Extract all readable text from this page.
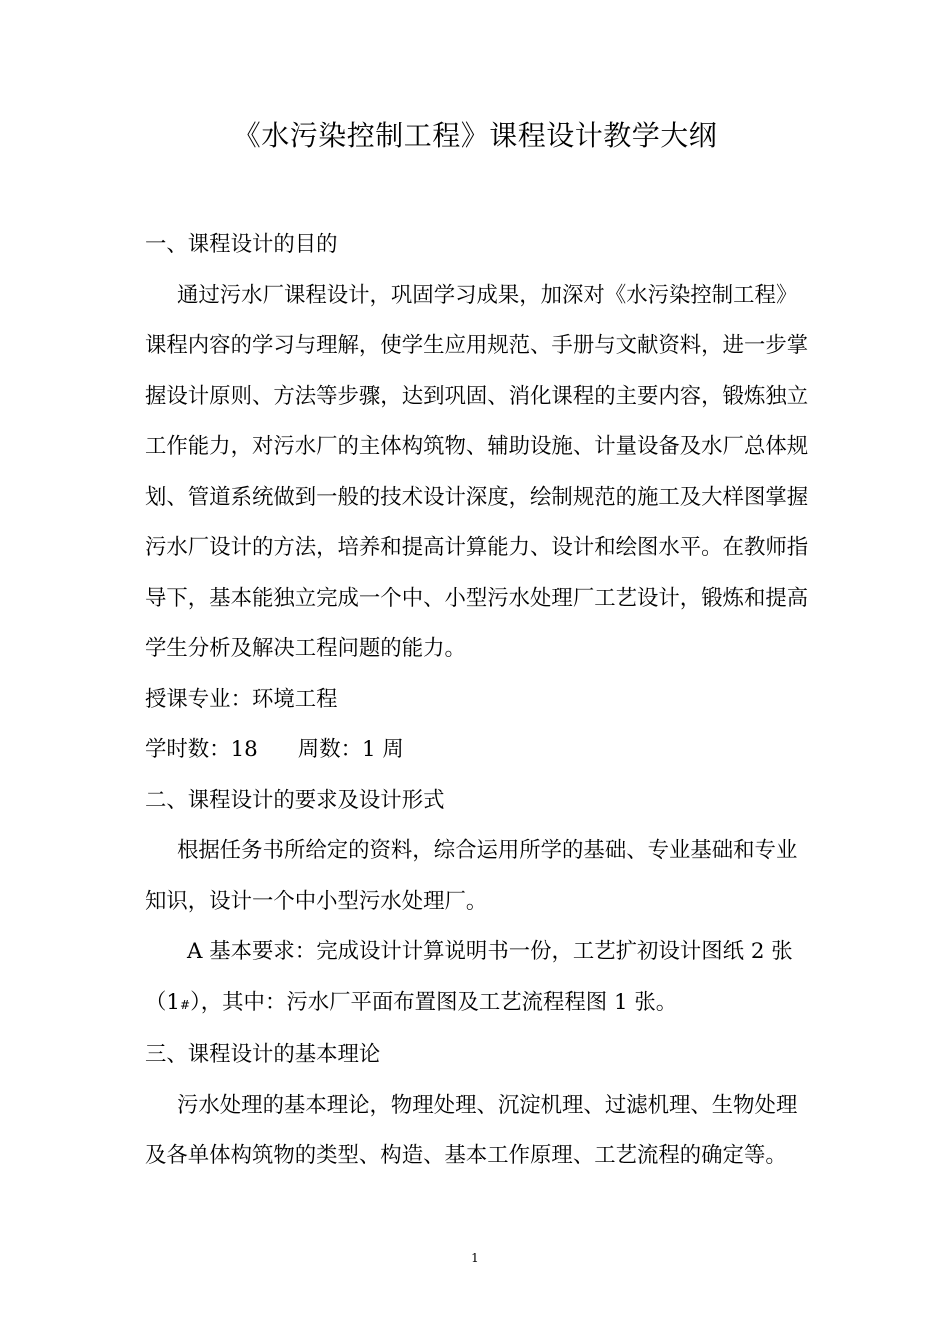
《水污染控制工程》课程设计教学大纲

一、课程设计的目的

通过污水厂课程设计，巩固学习成果，加深对《水污染控制工程》课程内容的学习与理解，使学生应用规范、手册与文献资料，进一步掌握设计原则、方法等步骤，达到巩固、消化课程的主要内容，锻炼独立工作能力，对污水厂的主体构筑物、辅助设施、计量设备及水厂总体规划、管道系统做到一般的技术设计深度，绘制规范的施工及大样图掌握污水厂设计的方法，培养和提高计算能力、设计和绘图水平。在教师指导下，基本能独立完成一个中、小型污水处理厂工艺设计，锻炼和提高学生分析及解决工程问题的能力。

授课专业：环境工程

学时数：18 周数：1 周

二、课程设计的要求及设计形式

根据任务书所给定的资料，综合运用所学的基础、专业基础和专业知识，设计一个中小型污水处理厂。

A 基本要求：完成设计计算说明书一份，工艺扩初设计图纸 2 张

（1#），其中：污水厂平面布置图及工艺流程程图 1 张。

三、课程设计的基本理论

污水处理的基本理论，物理处理、沉淀机理、过滤机理、生物处理及各单体构筑物的类型、构造、基本工作原理、工艺流程的确定等。

1
